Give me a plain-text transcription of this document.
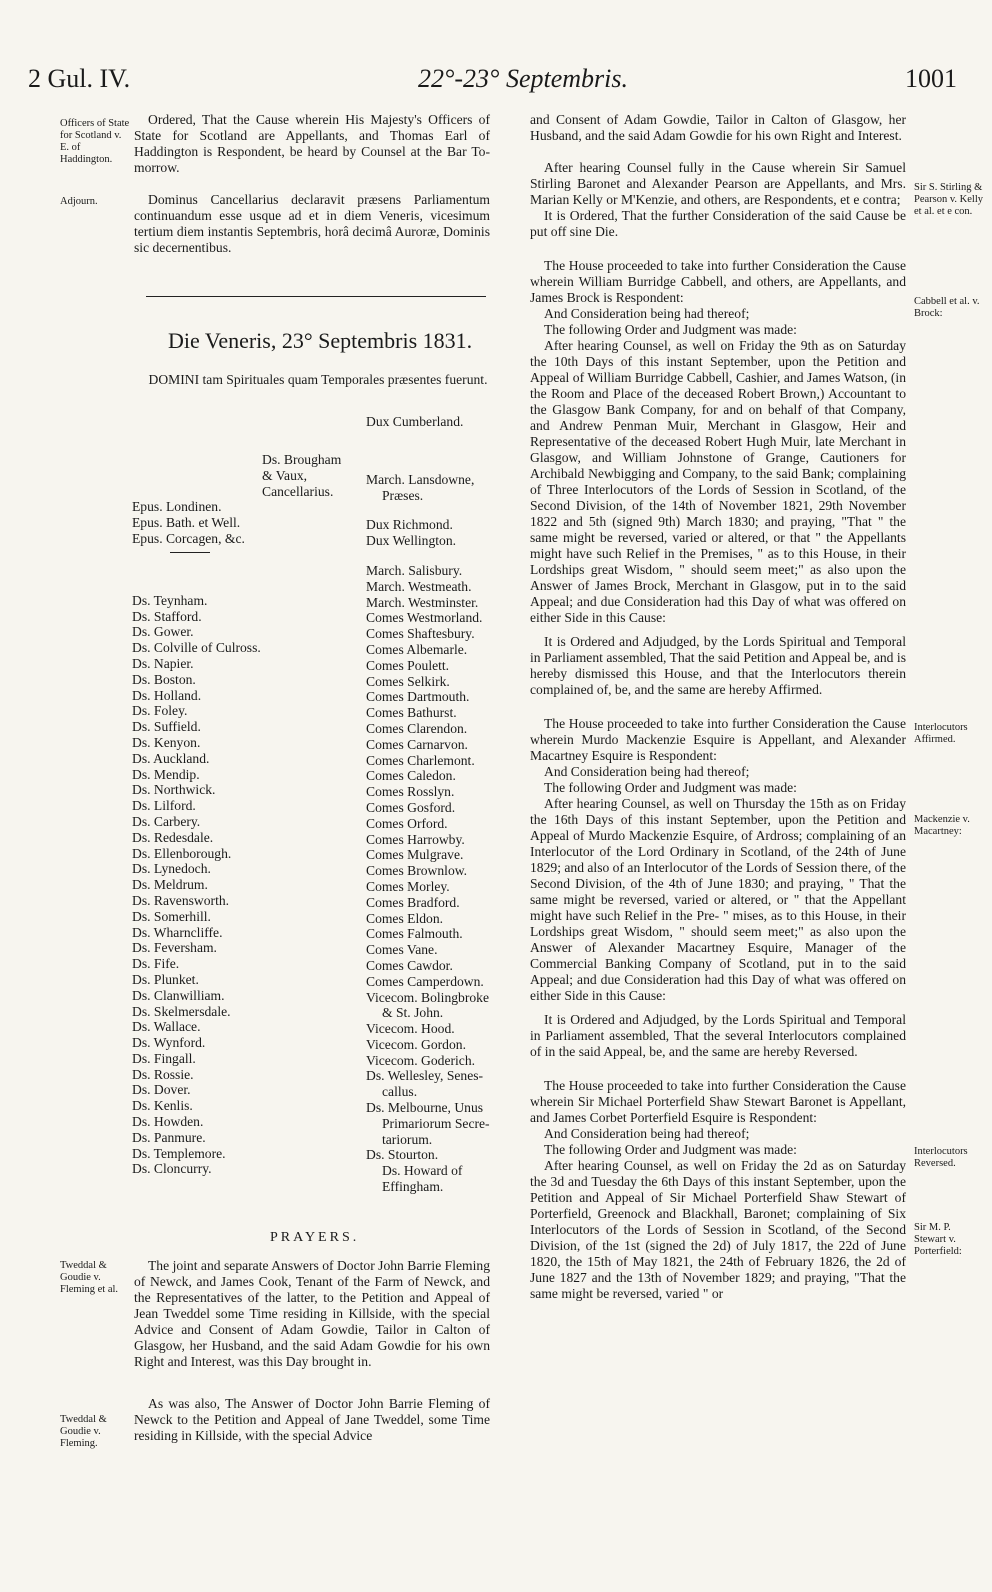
2 Gul. IV.	22°-23° Septembris.	1001
Officers of State for Scotland v. E. of Haddington.
Adjourn.
Tweddal & Goudie v. Fleming et al.
Tweddal & Goudie v. Fleming.
Sir S. Stirling & Pearson v. Kelly et al. et e con.
Cabbell et al. v. Brock:
Interlocutors Affirmed.
Mackenzie v. Macartney:
Interlocutors Reversed.
Sir M. P. Stewart v. Porterfield:

Ordered, That the Cause wherein His Majesty's Officers of State for Scotland are Appellants, and Thomas Earl of Haddington is Respondent, be heard by Counsel at the Bar To-morrow.

Dominus Cancellarius declaravit præsens Parliamentum continuandum esse usque ad et in diem Veneris, vicesimum tertium diem instantis Septembris, horâ decimâ Auroræ, Dominis sic decernentibus.

Die Veneris, 23° Septembris 1831.
DOMINI tam Spirituales quam Temporales præsentes fuerunt.
Ds. Brougham
& Vaux,
Cancellarius.
Epus. Londinen.
Epus. Bath. et Well.
Epus. Corcagen, &c.
Ds. Teynham.
Ds. Stafford.
Ds. Gower.
Ds. Colville of Culross.
Ds. Napier.
Ds. Boston.
Ds. Holland.
Ds. Foley.
Ds. Suffield.
Ds. Kenyon.
Ds. Auckland.
Ds. Mendip.
Ds. Northwick.
Ds. Lilford.
Ds. Carbery.
Ds. Redesdale.
Ds. Ellenborough.
Ds. Lynedoch.
Ds. Meldrum.
Ds. Ravensworth.
Ds. Somerhill.
Ds. Wharncliffe.
Ds. Feversham.
Ds. Fife.
Ds. Plunket.
Ds. Clanwilliam.
Ds. Skelmersdale.
Ds. Wallace.
Ds. Wynford.
Ds. Fingall.
Ds. Rossie.
Ds. Dover.
Ds. Kenlis.
Ds. Howden.
Ds. Panmure.
Ds. Templemore.
Ds. Cloncurry.
Dux Cumberland.
March. Lansdowne,
Præses.
Dux Richmond.
Dux Wellington.
March. Salisbury.
March. Westmeath.
March. Westminster.
Comes Westmorland.
Comes Shaftesbury.
Comes Albemarle.
Comes Poulett.
Comes Selkirk.
Comes Dartmouth.
Comes Bathurst.
Comes Clarendon.
Comes Carnarvon.
Comes Charlemont.
Comes Caledon.
Comes Rosslyn.
Comes Gosford.
Comes Orford.
Comes Harrowby.
Comes Mulgrave.
Comes Brownlow.
Comes Morley.
Comes Bradford.
Comes Eldon.
Comes Falmouth.
Comes Vane.
Comes Cawdor.
Comes Camperdown.
Vicecom. Bolingbroke
& St. John.
Vicecom. Hood.
Vicecom. Gordon.
Vicecom. Goderich.
Ds. Wellesley, Senes-
callus.
Ds. Melbourne, Unus
Primariorum Secre-
tariorum.
Ds. Stourton.
Ds. Howard of
Effingham.
PRAYERS.

The joint and separate Answers of Doctor John Barrie Fleming of Newck, and James Cook, Tenant of the Farm of Newck, and the Representatives of the latter, to the Petition and Appeal of Jean Tweddel some Time residing in Killside, with the special Advice and Consent of Adam Gowdie, Tailor in Calton of Glasgow, her Husband, and the said Adam Gowdie for his own Right and Interest, was this Day brought in.

As was also, The Answer of Doctor John Barrie Fleming of Newck to the Petition and Appeal of Jane Tweddel, some Time residing in Killside, with the special Advice

and Consent of Adam Gowdie, Tailor in Calton of Glasgow, her Husband, and the said Adam Gowdie for his own Right and Interest.

After hearing Counsel fully in the Cause wherein Sir Samuel Stirling Baronet and Alexander Pearson are Appellants, and Mrs. Marian Kelly or M'Kenzie, and others, are Respondents, et e contra;

It is Ordered, That the further Consideration of the said Cause be put off sine Die.

The House proceeded to take into further Consideration the Cause wherein William Burridge Cabbell, and others, are Appellants, and James Brock is Respondent:

And Consideration being had thereof;

The following Order and Judgment was made:

After hearing Counsel, as well on Friday the 9th as on Saturday the 10th Days of this instant September, upon the Petition and Appeal of William Burridge Cabbell, Cashier, and James Watson, (in the Room and Place of the deceased Robert Brown,) Accountant to the Glasgow Bank Company, for and on behalf of that Company, and Andrew Penman Muir, Merchant in Glasgow, Heir and Representative of the deceased Robert Hugh Muir, late Merchant in Glasgow, and William Johnstone of Grange, Cautioners for Archibald Newbigging and Company, to the said Bank; complaining of Three Interlocutors of the Lords of Session in Scotland, of the Second Division, of the 14th of November 1821, 29th November 1822 and 5th (signed 9th) March 1830; and praying, "That " the same might be reversed, varied or altered, or that " the Appellants might have such Relief in the Premises, " as to this House, in their Lordships great Wisdom, " should seem meet;" as also upon the Answer of James Brock, Merchant in Glasgow, put in to the said Appeal; and due Consideration had this Day of what was offered on either Side in this Cause:

It is Ordered and Adjudged, by the Lords Spiritual and Temporal in Parliament assembled, That the said Petition and Appeal be, and is hereby dismissed this House, and that the Interlocutors therein complained of, be, and the same are hereby Affirmed.

The House proceeded to take into further Consideration the Cause wherein Murdo Mackenzie Esquire is Appellant, and Alexander Macartney Esquire is Respondent:

And Consideration being had thereof;

The following Order and Judgment was made:

After hearing Counsel, as well on Thursday the 15th as on Friday the 16th Days of this instant September, upon the Petition and Appeal of Murdo Mackenzie Esquire, of Ardross; complaining of an Interlocutor of the Lord Ordinary in Scotland, of the 24th of June 1829; and also of an Interlocutor of the Lords of Session there, of the Second Division, of the 4th of June 1830; and praying, " That the same might be reversed, varied or altered, or " that the Appellant might have such Relief in the Pre- " mises, as to this House, in their Lordships great Wisdom, " should seem meet;" as also upon the Answer of Alexander Macartney Esquire, Manager of the Commercial Banking Company of Scotland, put in to the said Appeal; and due Consideration had this Day of what was offered on either Side in this Cause:

It is Ordered and Adjudged, by the Lords Spiritual and Temporal in Parliament assembled, That the several Interlocutors complained of in the said Appeal, be, and the same are hereby Reversed.

The House proceeded to take into further Consideration the Cause wherein Sir Michael Porterfield Shaw Stewart Baronet is Appellant, and James Corbet Porterfield Esquire is Respondent:

And Consideration being had thereof;

The following Order and Judgment was made:

After hearing Counsel, as well on Friday the 2d as on Saturday the 3d and Tuesday the 6th Days of this instant September, upon the Petition and Appeal of Sir Michael Porterfield Shaw Stewart of Porterfield, Greenock and Blackhall, Baronet; complaining of Six Interlocutors of the Lords of Session in Scotland, of the Second Division, of the 1st (signed the 2d) of July 1817, the 22d of June 1820, the 15th of May 1821, the 24th of February 1826, the 2d of June 1827 and the 13th of November 1829; and praying, "That the same might be reversed, varied " or
